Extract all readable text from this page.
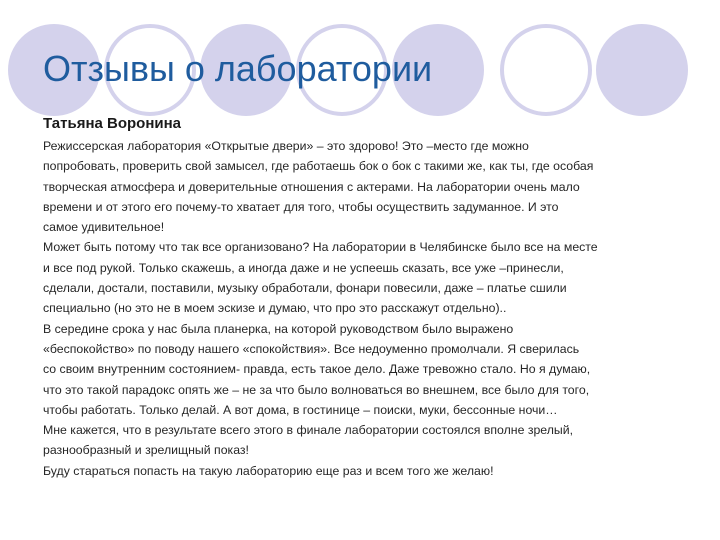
Отзывы о лаборатории
Татьяна Воронина
Режиссерская лаборатория «Открытые двери» – это здорово! Это –место где можно
попробовать, проверить свой замысел, где работаешь бок о бок с такими же, как ты, где особая
творческая атмосфера и доверительные отношения с актерами. На лаборатории очень мало
времени и от этого его почему-то хватает для того, чтобы осуществить задуманное. И это
самое удивительное!
Может быть потому что так все организовано? На лаборатории в Челябинске было все на месте
и все под рукой. Только скажешь, а иногда даже и не успеешь сказать, все уже –принесли,
сделали, достали, поставили, музыку обработали, фонари повесили, даже – платье сшили
специально (но это не в моем эскизе и думаю, что про это расскажут отдельно)..
В середине срока у нас была планерка, на которой руководством было выражено
«беспокойство» по поводу нашего «спокойствия». Все недоуменно промолчали. Я сверилась
со своим внутренним состоянием- правда, есть такое дело. Даже тревожно стало. Но я думаю,
что это такой парадокс опять же – не за что было волноваться во внешнем, все было для того,
чтобы работать. Только делай. А вот дома, в гостинице – поиски, муки, бессонные ночи…
Мне кажется, что в результате всего этого в финале лаборатории состоялся вполне зрелый,
разнообразный и зрелищный показ!
Буду стараться попасть на такую лабораторию еще раз и всем того же желаю!
